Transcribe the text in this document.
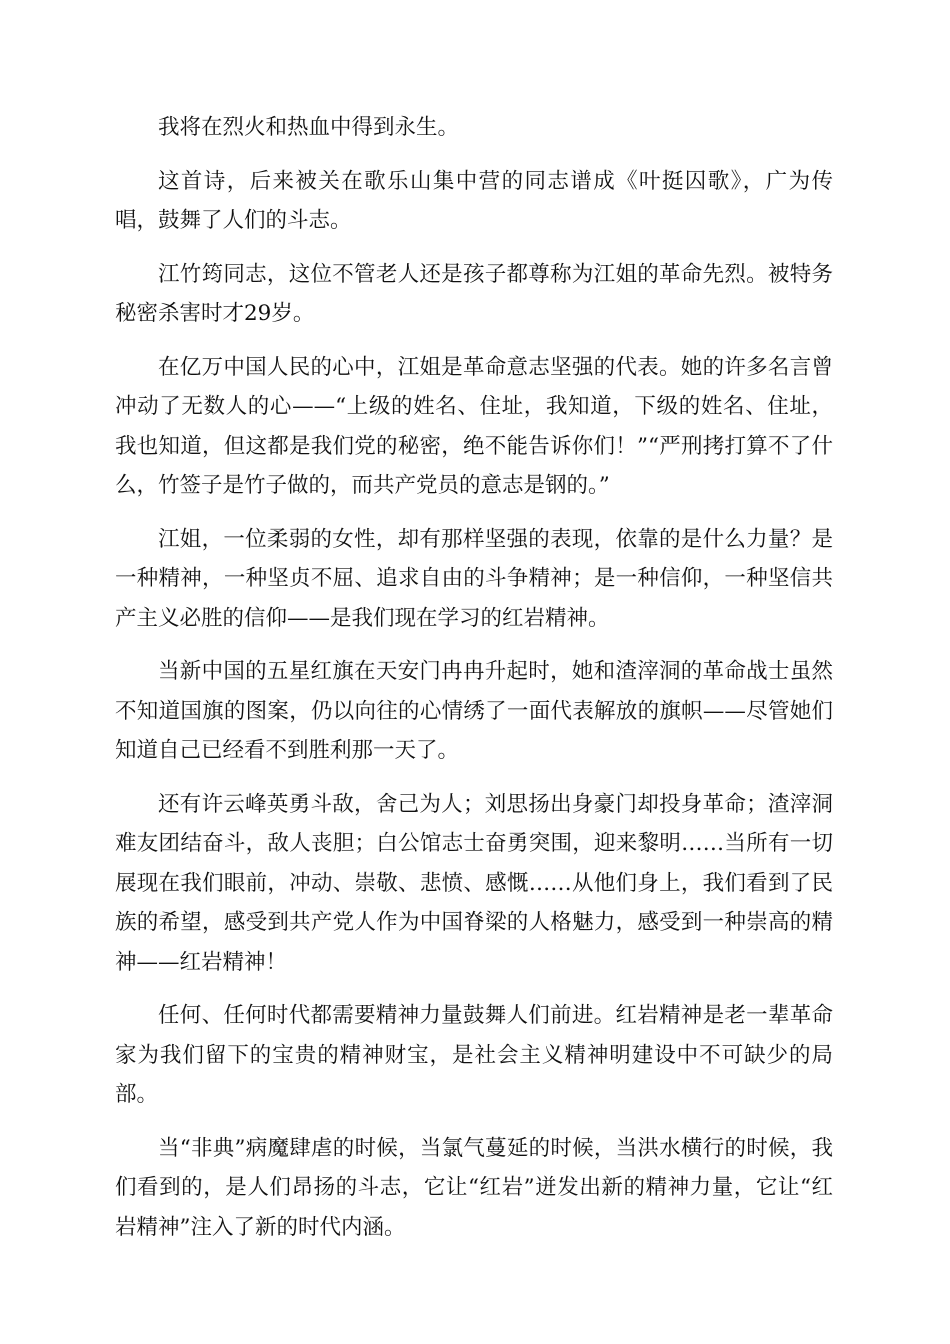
我将在烈火和热血中得到永生。

这首诗，后来被关在歌乐山集中营的同志谱成《叶挺囚歌》，广为传唱，鼓舞了人们的斗志。

江竹筠同志，这位不管老人还是孩子都尊称为江姐的革命先烈。被特务秘密杀害时才29岁。

在亿万中国人民的心中，江姐是革命意志坚强的代表。她的许多名言曾冲动了无数人的心——“上级的姓名、住址，我知道，下级的姓名、住址，我也知道，但这都是我们党的秘密，绝不能告诉你们！”“严刑拷打算不了什么，竹签子是竹子做的，而共产党员的意志是钢的。”

江姐，一位柔弱的女性，却有那样坚强的表现，依靠的是什么力量？是一种精神，一种坚贞不屈、追求自由的斗争精神；是一种信仰，一种坚信共产主义必胜的信仰——是我们现在学习的红岩精神。

当新中国的五星红旗在天安门冉冉升起时，她和渣滓洞的革命战士虽然不知道国旗的图案，仍以向往的心情绣了一面代表解放的旗帜——尽管她们知道自己已经看不到胜利那一天了。

还有许云峰英勇斗敌，舍己为人；刘思扬出身豪门却投身革命；渣滓洞难友团结奋斗，敌人丧胆；白公馆志士奋勇突围，迎来黎明……当所有一切展现在我们眼前，冲动、崇敬、悲愤、感慨……从他们身上，我们看到了民族的希望，感受到共产党人作为中国脊梁的人格魅力，感受到一种崇高的精神——红岩精神！

任何、任何时代都需要精神力量鼓舞人们前进。红岩精神是老一辈革命家为我们留下的宝贵的精神财宝，是社会主义精神明建设中不可缺少的局部。

当“非典”病魔肆虐的时候，当氯气蔓延的时候，当洪水横行的时候，我们看到的，是人们昂扬的斗志，它让“红岩”迸发出新的精神力量，它让“红岩精神”注入了新的时代内涵。
